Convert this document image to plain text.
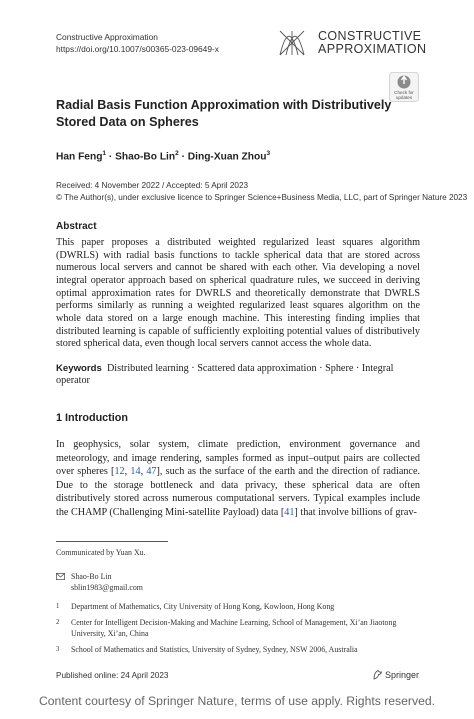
Constructive Approximation
https://doi.org/10.1007/s00365-023-09649-x
CONSTRUCTIVE
APPROXIMATION
Check for
updates
Radial Basis Function Approximation with Distributively Stored Data on Spheres
Han Feng$^1$ · Shao-Bo Lin$^2$ · Ding-Xuan Zhou$^3$
Received: 4 November 2022 / Accepted: 5 April 2023
© The Author(s), under exclusive licence to Springer Science+Business Media, LLC, part of Springer Nature 2023
Abstract
This paper proposes a distributed weighted regularized least squares algorithm (DWRLS) with radial basis functions to tackle spherical data that are stored across numerous local servers and cannot be shared with each other. Via developing a novel integral operator approach based on spherical quadrature rules, we succeed in deriving optimal approximation rates for DWRLS and theoretically demonstrate that DWRLS performs similarly as running a weighted regularized least squares algorithm on the whole data stored on a large enough machine. This interesting finding implies that distributed learning is capable of sufficiently exploiting potential values of distributively stored spherical data, even though local servers cannot access the whole data.
Keywords Distributed learning · Scattered data approximation · Sphere · Integral operator
1 Introduction
In geophysics, solar system, climate prediction, environment governance and meteorology, and image rendering, samples formed as input–output pairs are collected over spheres [12, 14, 47], such as the surface of the earth and the direction of radiance. Due to the storage bottleneck and data privacy, these spherical data are often distributively stored across numerous computational servers. Typical examples include the CHAMP (Challenging Mini-satellite Payload) data [41] that involve billions of grav-
Communicated by Yuan Xu.
Shao-Bo Lin
sblin1983@gmail.com
1 Department of Mathematics, City University of Hong Kong, Kowloon, Hong Kong
2 Center for Intelligent Decision-Making and Machine Learning, School of Management, Xi’an Jiaotong University, Xi’an, China
3 School of Mathematics and Statistics, University of Sydney, Sydney, NSW 2006, Australia
Published online: 24 April 2023	Springer
Content courtesy of Springer Nature, terms of use apply. Rights reserved.
